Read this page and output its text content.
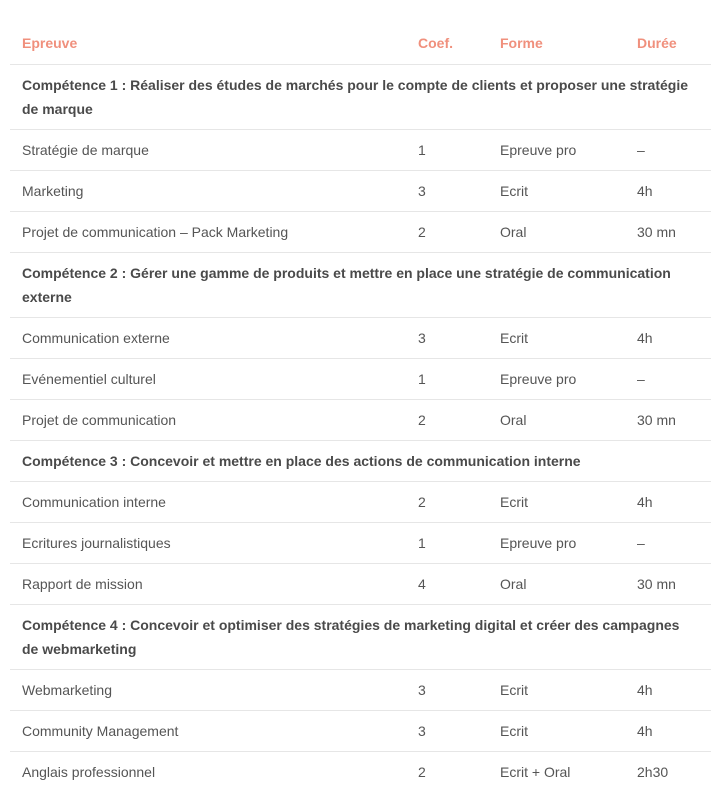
Epreuve	Coef.	Forme	Durée
Compétence 1 : Réaliser des études de marchés pour le compte de clients et proposer une stratégie de marque			
Stratégie de marque	1	Epreuve pro	–
Marketing	3	Ecrit	4h
Projet de communication – Pack Marketing	2	Oral	30 mn
Compétence 2 : Gérer une gamme de produits et mettre en place une stratégie de communication externe			
Communication externe	3	Ecrit	4h
Evénementiel culturel	1	Epreuve pro	–
Projet de communication	2	Oral	30 mn
Compétence 3 : Concevoir et mettre en place des actions de communication interne			
Communication interne	2	Ecrit	4h
Ecritures journalistiques	1	Epreuve pro	–
Rapport de mission	4	Oral	30 mn
Compétence 4 : Concevoir et optimiser des stratégies de marketing digital et créer des campagnes de webmarketing			
Webmarketing	3	Ecrit	4h
Community Management	3	Ecrit	4h
Anglais professionnel	2	Ecrit + Oral	2h30
